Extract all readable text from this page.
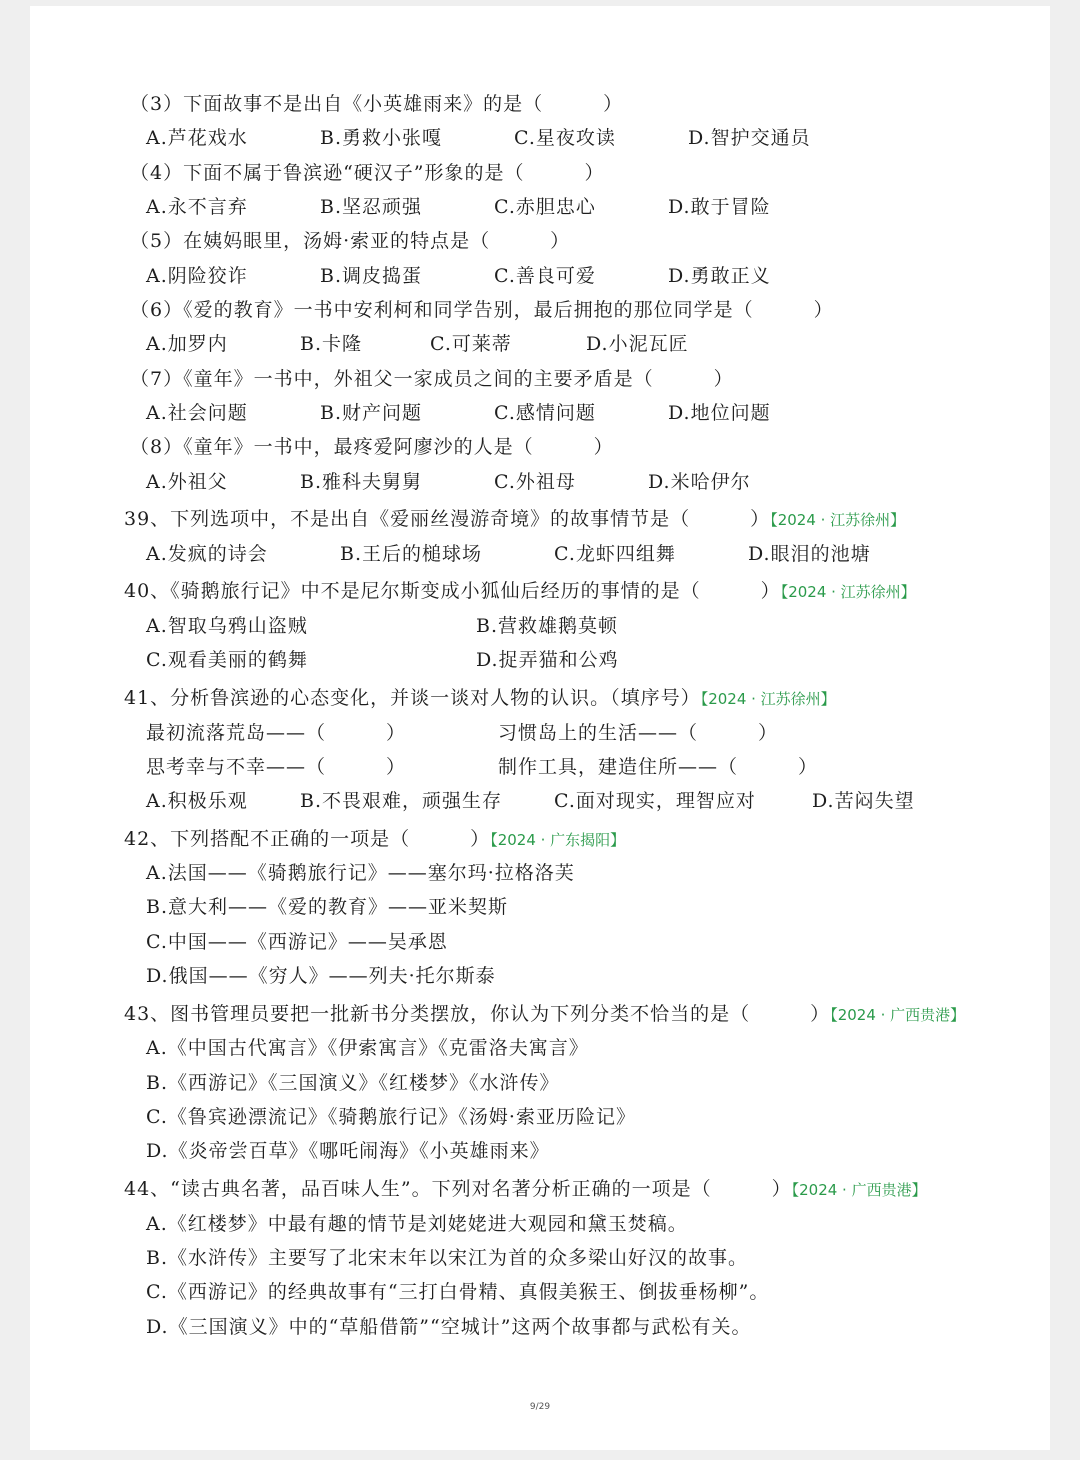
（3）下面故事不是出自《小英雄雨来》的是（　　　）
A.芦花戏水	B.勇救小张嘎	C.星夜攻读	D.智护交通员
（4）下面不属于鲁滨逊“硬汉子”形象的是（　　　）
A.永不言弃	B.坚忍顽强	C.赤胆忠心	D.敢于冒险
（5）在姨妈眼里，汤姆·索亚的特点是（　　　）
A.阴险狡诈	B.调皮捣蛋	C.善良可爱	D.勇敢正义
（6）《爱的教育》一书中安利柯和同学告别，最后拥抱的那位同学是（　　　）
A.加罗内	B.卡隆	C.可莱蒂	D.小泥瓦匠
（7）《童年》一书中，外祖父一家成员之间的主要矛盾是（　　　）
A.社会问题	B.财产问题	C.感情问题	D.地位问题
（8）《童年》一书中，最疼爱阿廖沙的人是（　　　）
A.外祖父	B.雅科夫舅舅	C.外祖母	D.米哈伊尔
39、下列选项中，不是出自《爱丽丝漫游奇境》的故事情节是（　　　）【2024 · 江苏徐州】
A.发疯的诗会	B.王后的槌球场	C.龙虾四组舞	D.眼泪的池塘
40、《骑鹅旅行记》中不是尼尔斯变成小狐仙后经历的事情的是（　　　）【2024 · 江苏徐州】
A.智取乌鸦山盗贼	B.营救雄鹅莫顿
C.观看美丽的鹤舞	D.捉弄猫和公鸡
41、分析鲁滨逊的心态变化，并谈一谈对人物的认识。（填序号）【2024 · 江苏徐州】
最初流落荒岛——（　　　）	习惯岛上的生活——（　　　）
思考幸与不幸——（　　　）	制作工具，建造住所——（　　　）
A.积极乐观	B.不畏艰难，顽强生存	C.面对现实，理智应对	D.苦闷失望
42、下列搭配不正确的一项是（　　　）【2024 · 广东揭阳】
A.法国——《骑鹅旅行记》——塞尔玛·拉格洛芙
B.意大利——《爱的教育》——亚米契斯
C.中国——《西游记》——吴承恩
D.俄国——《穷人》——列夫·托尔斯泰
43、图书管理员要把一批新书分类摆放，你认为下列分类不恰当的是（　　　）【2024 · 广西贵港】
A.《中国古代寓言》《伊索寓言》《克雷洛夫寓言》
B.《西游记》《三国演义》《红楼梦》《水浒传》
C.《鲁宾逊漂流记》《骑鹅旅行记》《汤姆·索亚历险记》
D.《炎帝尝百草》《哪吒闹海》《小英雄雨来》
44、“读古典名著，品百味人生”。下列对名著分析正确的一项是（　　　）【2024 · 广西贵港】
A.《红楼梦》中最有趣的情节是刘姥姥进大观园和黛玉焚稿。
B.《水浒传》主要写了北宋末年以宋江为首的众多梁山好汉的故事。
C.《西游记》的经典故事有“三打白骨精、真假美猴王、倒拔垂杨柳”。
D.《三国演义》中的“草船借箭”“空城计”这两个故事都与武松有关。
9/29
